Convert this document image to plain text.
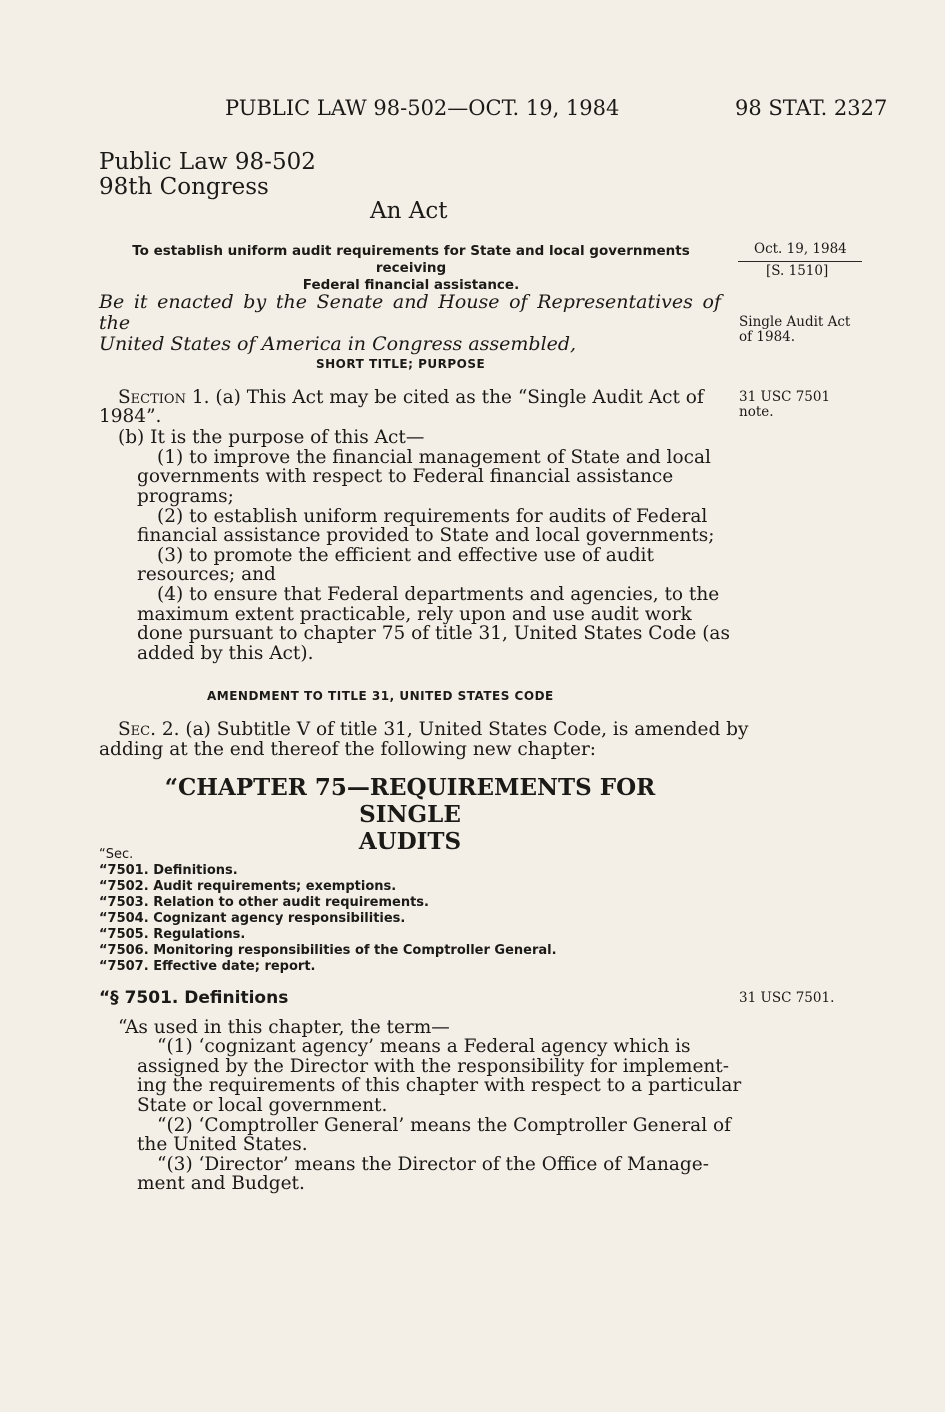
PUBLIC LAW 98-502—OCT. 19, 1984	98 STAT. 2327
Public Law 98-502
98th Congress
An Act
To establish uniform audit requirements for State and local governments receiving
Federal financial assistance.
Be it enacted by the Senate and House of Representatives of the
United States of America in Congress assembled,
SHORT TITLE; PURPOSE
Section 1. (a) This Act may be cited as the “Single Audit Act of
1984”.
(b) It is the purpose of this Act—
(1) to improve the financial management of State and local
governments with respect to Federal financial assistance
programs;
(2) to establish uniform requirements for audits of Federal
financial assistance provided to State and local governments;
(3) to promote the efficient and effective use of audit
resources; and
(4) to ensure that Federal departments and agencies, to the
maximum extent practicable, rely upon and use audit work
done pursuant to chapter 75 of title 31, United States Code (as
added by this Act).
AMENDMENT TO TITLE 31, UNITED STATES CODE
Sec. 2. (a) Subtitle V of title 31, United States Code, is amended by
adding at the end thereof the following new chapter:
“CHAPTER 75—REQUIREMENTS FOR SINGLE
AUDITS
“Sec.
“7501. Definitions.
“7502. Audit requirements; exemptions.
“7503. Relation to other audit requirements.
“7504. Cognizant agency responsibilities.
“7505. Regulations.
“7506. Monitoring responsibilities of the Comptroller General.
“7507. Effective date; report.
“§ 7501. Definitions
“As used in this chapter, the term—
“(1) ‘cognizant agency’ means a Federal agency which is
assigned by the Director with the responsibility for implement-
ing the requirements of this chapter with respect to a particular
State or local government.
“(2) ‘Comptroller General’ means the Comptroller General of
the United States.
“(3) ‘Director’ means the Director of the Office of Manage-
ment and Budget.
Oct. 19, 1984
[S. 1510]
Single Audit Act
of 1984.
31 USC 7501
note.
31 USC 7501.
